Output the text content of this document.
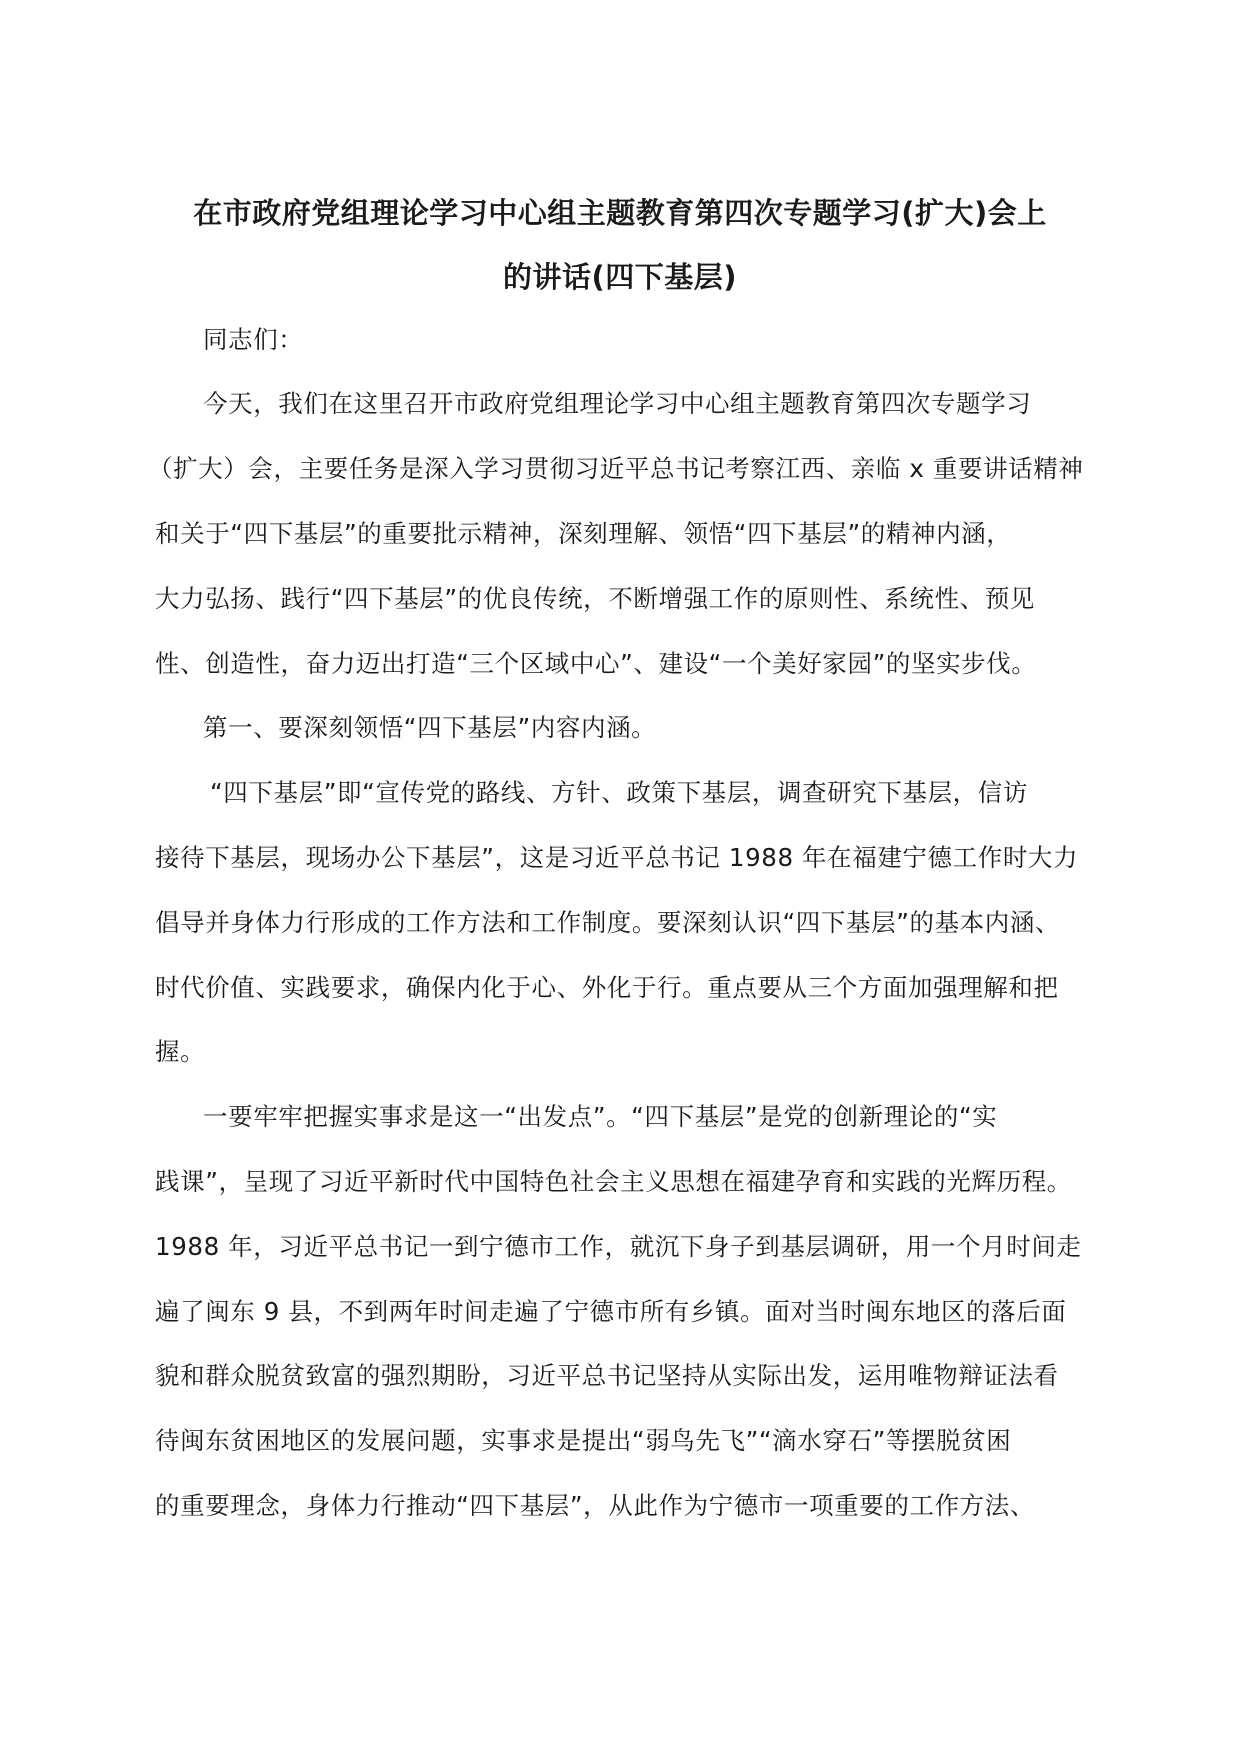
在市政府党组理论学习中心组主题教育第四次专题学习(扩大)会上
的讲话(四下基层)
同志们：
今天，我们在这里召开市政府党组理论学习中心组主题教育第四次专题学习
（扩大）会，主要任务是深入学习贯彻习近平总书记考察江西、亲临 x 重要讲话精神
和关于“四下基层”的重要批示精神，深刻理解、领悟“四下基层”的精神内涵，
大力弘扬、践行“四下基层”的优良传统，不断增强工作的原则性、系统性、预见
性、创造性，奋力迈出打造“三个区域中心”、建设“一个美好家园”的坚实步伐。
第一、要深刻领悟“四下基层”内容内涵。
“四下基层”即“宣传党的路线、方针、政策下基层，调查研究下基层，信访
接待下基层，现场办公下基层”，这是习近平总书记 1988 年在福建宁德工作时大力
倡导并身体力行形成的工作方法和工作制度。要深刻认识“四下基层”的基本内涵、
时代价值、实践要求，确保内化于心、外化于行。重点要从三个方面加强理解和把
握。
一要牢牢把握实事求是这一“出发点”。“四下基层”是党的创新理论的“实
践课”，呈现了习近平新时代中国特色社会主义思想在福建孕育和实践的光辉历程。
1988 年，习近平总书记一到宁德市工作，就沉下身子到基层调研，用一个月时间走
遍了闽东 9 县，不到两年时间走遍了宁德市所有乡镇。面对当时闽东地区的落后面
貌和群众脱贫致富的强烈期盼，习近平总书记坚持从实际出发，运用唯物辩证法看
待闽东贫困地区的发展问题，实事求是提出“弱鸟先飞”“滴水穿石”等摆脱贫困
的重要理念，身体力行推动“四下基层”，从此作为宁德市一项重要的工作方法、
